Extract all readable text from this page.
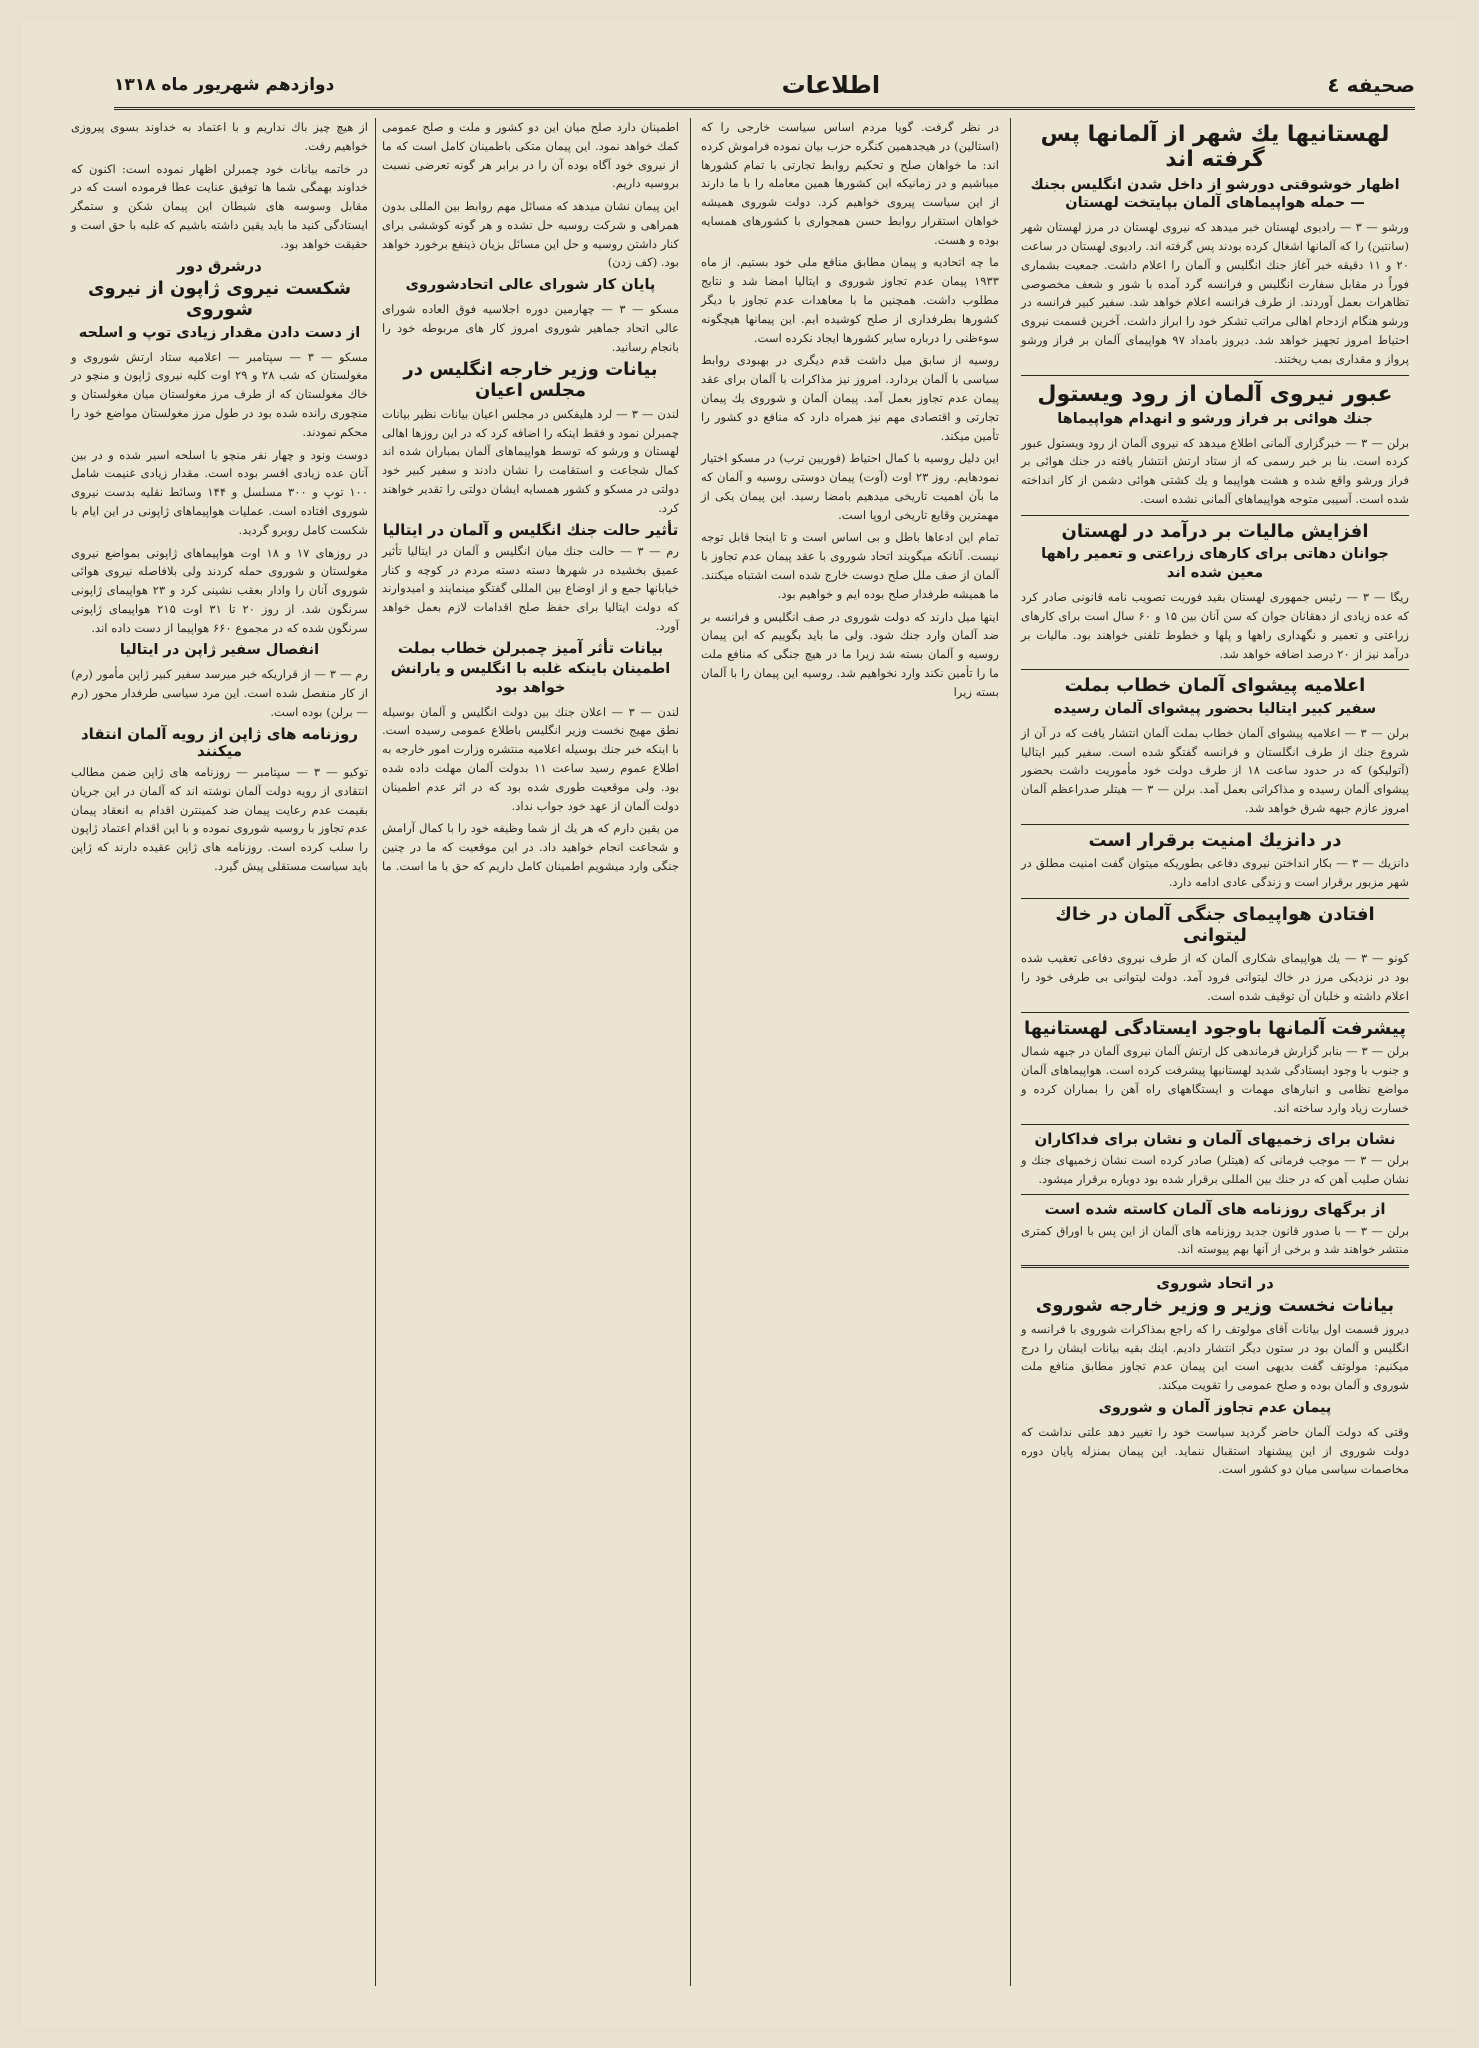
صحیفه ٤
اطلاعات
دوازدهم شهریور ماه ۱۳۱۸
لهستانیها یك شهر از آلمانها پس گرفته اند
اظهار خوشوقتی دورشو از داخل شدن انگلیس بجنك — حمله هواپیماهای آلمان بپایتخت لهستان

ورشو — ۳ — رادیوی لهستان خبر میدهد که نیروی لهستان در مرز لهستان شهر (سانتین) را که آلمانها اشغال کرده بودند پس گرفته اند. رادیوی لهستان در ساعت ۲۰ و ۱۱ دقیقه خبر آغاز جنك انگلیس و آلمان را اعلام داشت. جمعیت بشماری فوراً در مقابل سفارت انگلیس و فرانسه گرد آمده با شور و شعف مخصوصی تظاهرات بعمل آوردند. از طرف فرانسه اعلام خواهد شد. سفیر کبیر فرانسه در ورشو هنگام ازدحام اهالی مراتب تشکر خود را ابراز داشت. آخرین قسمت نیروی احتیاط امروز تجهیز خواهد شد. دیروز بامداد ۹۷ هواپیمای آلمان بر فراز ورشو پرواز و مقداری بمب ریختند.

عبور نیروی آلمان از رود ویستول
جنك هوائی بر فراز ورشو و انهدام هواپیماها

برلن — ۳ — خبرگزاری آلمانی اطلاع میدهد که نیروی آلمان از رود ویستول عبور کرده است. بنا بر خبر رسمی که از ستاد ارتش انتشار یافته در جنك هوائی بر فراز ورشو واقع شده و هشت هواپیما و یك کشتی هوائی دشمن از کار انداخته شده است. آسیبی متوجه هواپیماهای آلمانی نشده است.

افزایش مالیات بر درآمد در لهستان
جوانان دهاتی برای کارهای زراعتی و تعمیر راهها معین شده اند

ریگا — ۳ — رئیس جمهوری لهستان بقید فوریت تصویب نامه قانونی صادر کرد که عده زیادی از دهقانان جوان که سن آنان بین ۱۵ و ۶۰ سال است برای کارهای زراعتی و تعمیر و نگهداری راهها و پلها و خطوط تلفنی خواهند بود. مالیات بر درآمد نیز از ۲۰ درصد اضافه خواهد شد.

اعلامیه پیشوای آلمان خطاب بملت
سفیر کبیر ایتالیا بحضور پیشوای آلمان رسیده

برلن — ۳ — اعلامیه پیشوای آلمان خطاب بملت آلمان انتشار یافت که در آن از شروع جنك از طرف انگلستان و فرانسه گفتگو شده است. سفیر کبیر ایتالیا (آتولیکو) که در حدود ساعت ۱۸ از طرف دولت خود مأموریت داشت بحضور پیشوای آلمان رسیده و مذاکراتی بعمل آمد. برلن — ۳ — هیتلر صدراعظم آلمان امروز عازم جبهه شرق خواهد شد.

در دانزیك امنیت برقرار است

دانزیك — ۳ — بکار انداختن نیروی دفاعی بطوریکه میتوان گفت امنیت مطلق در شهر مزبور برقرار است و زندگی عادی ادامه دارد.

افتادن هواپیمای جنگی آلمان در خاك لیتوانی

کونو — ۳ — یك هواپیمای شکاری آلمان که از طرف نیروی دفاعی تعقیب شده بود در نزدیکی مرز در خاك لیتوانی فرود آمد. دولت لیتوانی بی طرفی خود را اعلام داشته و خلبان آن توقیف شده است.

پیشرفت آلمانها باوجود ایستادگی لهستانیها

برلن — ۳ — بنابر گزارش فرماندهی کل ارتش آلمان نیروی آلمان در جبهه شمال و جنوب با وجود ایستادگی شدید لهستانیها پیشرفت کرده است. هواپیماهای آلمان مواضع نظامی و انبارهای مهمات و ایستگاههای راه آهن را بمباران کرده و خسارت زیاد وارد ساخته اند.

نشان برای زخمیهای آلمان و نشان برای فداکاران

برلن — ۳ — موجب فرمانی که (هیتلر) صادر کرده است نشان زخمیهای جنك و نشان صلیب آهن که در جنك بین المللی برقرار شده بود دوباره برقرار میشود.

از برگهای روزنامه های آلمان کاسته شده است

برلن — ۳ — با صدور قانون جدید روزنامه های آلمان از این پس با اوراق کمتری منتشر خواهند شد و برخی از آنها بهم پیوسته اند.

در اتحاد شوروی
بیانات نخست وزیر و وزیر خارجه شوروی

دیروز قسمت اول بیانات آقای مولوتف را که راجع بمذاکرات شوروی با فرانسه و انگلیس و آلمان بود در ستون دیگر انتشار دادیم. اینك بقیه بیانات ایشان را درج میکنیم: مولوتف گفت بدیهی است این پیمان عدم تجاوز مطابق منافع ملت شوروی و آلمان بوده و صلح عمومی را تقویت میکند.

پیمان عدم تجاوز آلمان و شوروی

وقتی که دولت آلمان حاضر گردید سیاست خود را تغییر دهد علتی نداشت که دولت شوروی از این پیشنهاد استقبال ننماید. این پیمان بمنزله پایان دوره مخاصمات سیاسی میان دو کشور است.

در نظر گرفت. گویا مردم اساس سیاست خارجی را که (استالین) در هیجدهمین کنگره حزب بیان نموده فراموش کرده اند: ما خواهان صلح و تحکیم روابط تجارتی با تمام کشورها میباشیم و در زمانیکه این کشورها همین معامله را با ما دارند از این سیاست پیروی خواهیم کرد. دولت شوروی همیشه خواهان استقرار روابط حسن همجواری با کشورهای همسایه بوده و هست.

ما چه اتحادیه و پیمان مطابق منافع ملی خود بستیم. از ماه ۱۹۳۳ پیمان عدم تجاوز شوروی و ایتالیا امضا شد و نتایج مطلوب داشت. همچنین ما با معاهدات عدم تجاوز با دیگر کشورها بطرفداری از صلح کوشیده ایم. این پیمانها هیچگونه سوءظنی را درباره سایر کشورها ایجاد نکرده است.

روسیه از سابق میل داشت قدم دیگری در بهبودی روابط سیاسی با آلمان بردارد. امروز نیز مذاکرات با آلمان برای عقد پیمان عدم تجاوز بعمل آمد. پیمان آلمان و شوروی یك پیمان تجارتی و اقتصادی مهم نیز همراه دارد که منافع دو کشور را تأمین میکند.

این دلیل روسیه با کمال احتیاط (فوریین ترب) در مسکو اختیار نمودهایم. روز ۲۳ اوت (آوت) پیمان دوستی روسیه و آلمان که ما بآن اهمیت تاریخی میدهیم بامضا رسید. این پیمان یکی از مهمترین وقایع تاریخی اروپا است.

تمام این ادعاها باطل و بی اساس است و تا اینجا قابل توجه نیست. آنانکه میگویند اتحاد شوروی با عقد پیمان عدم تجاوز با آلمان از صف ملل صلح دوست خارج شده است اشتباه میکنند. ما همیشه طرفدار صلح بوده ایم و خواهیم بود.

اینها میل دارند که دولت شوروی در صف انگلیس و فرانسه بر ضد آلمان وارد جنك شود. ولی ما باید بگوییم که این پیمان روسیه و آلمان بسته شد زیرا ما در هیچ جنگی که منافع ملت ما را تأمین نکند وارد نخواهیم شد. روسیه این پیمان را با آلمان بسته زیرا

اطمینان دارد صلح میان این دو کشور و ملت و صلح عمومی کمك خواهد نمود. این پیمان متکی باطمینان کامل است که ما از نیروی خود آگاه بوده آن را در برابر هر گونه تعرضی نسبت بروسیه داریم.

این پیمان نشان میدهد که مسائل مهم روابط بین المللی بدون همراهی و شرکت روسیه حل نشده و هر گونه کوششی برای کنار داشتن روسیه و حل این مسائل بزیان ذینفع برخورد خواهد بود. (کف زدن)

پایان کار شورای عالی اتحادشوروی

مسکو — ۳ — چهارمین دوره اجلاسیه فوق العاده شورای عالی اتحاد جماهیر شوروی امروز کار های مربوطه خود را بانجام رسانید.

بیانات وزیر خارجه انگلیس در مجلس اعیان

لندن — ۳ — لرد هلیفکس در مجلس اعیان بیانات نظیر بیانات چمبرلن نمود و فقط اینکه را اضافه کرد که در این روزها اهالی لهستان و ورشو که توسط هواپیماهای آلمان بمباران شده اند کمال شجاعت و استقامت را نشان دادند و سفیر کبیر خود دولتی در مسکو و کشور همسایه ایشان دولتی را تقدیر خواهند کرد.

تأثیر حالت جنك انگلیس و آلمان در ایتالیا

رم — ۳ — حالت جنك میان انگلیس و آلمان در ایتالیا تأثیر عمیق بخشیده در شهرها دسته دسته مردم در کوچه و کنار خیابانها جمع و از اوضاع بین المللی گفتگو مینمایند و امیدوارند که دولت ایتالیا برای حفظ صلح اقدامات لازم بعمل خواهد آورد.

بیانات تأثر آمیز چمبرلن خطاب بملت
اطمینان باینکه غلبه با انگلیس و یارانش خواهد بود

لندن — ۳ — اعلان جنك بین دولت انگلیس و آلمان بوسیله نطق مهیج نخست وزیر انگلیس باطلاع عمومی رسیده است. با اینکه خبر جنك بوسیله اعلامیه منتشره وزارت امور خارجه به اطلاع عموم رسید ساعت ۱۱ بدولت آلمان مهلت داده شده بود. ولی موقعیت طوری شده بود که در اثر عدم اطمینان دولت آلمان از عهد خود جواب نداد.

من یقین دارم که هر یك از شما وظیفه خود را با کمال آرامش و شجاعت انجام خواهید داد. در این موقعیت که ما در چنین جنگی وارد میشویم اطمینان کامل داریم که حق با ما است. ما از هیچ چیز باك نداریم و با اعتماد به خداوند بسوی پیروزی خواهیم رفت.

در خاتمه بیانات خود چمبرلن اظهار نموده است: اکنون که خداوند بهمگی شما ها توفیق عنایت عطا فرموده است که در مقابل وسوسه های شیطان این پیمان شکن و ستمگر ایستادگی کنید ما باید یقین داشته باشیم که غلبه با حق است و حقیقت خواهد بود.

درشرق دور
شکست نیروی ژاپون از نیروی شوروی
از دست دادن مقدار زیادی توپ و اسلحه

مسکو — ۳ — سپتامبر — اعلامیه ستاد ارتش شوروی و مغولستان که شب ۲۸ و ۲۹ اوت کلیه نیروی ژاپون و منچو در خاك مغولستان که از طرف مرز مغولستان میان مغولستان و منچوری رانده شده بود در طول مرز مغولستان مواضع خود را محکم نمودند.

دوست ونود و چهار نفر منچو با اسلحه اسیر شده و در بین آنان عده زیادی افسر بوده است. مقدار زیادی غنیمت شامل ۱۰۰ توپ و ۳۰۰ مسلسل و ۱۴۴ وسائط نقلیه بدست نیروی شوروی افتاده است. عملیات هواپیماهای ژاپونی در این ایام با شکست کامل روبرو گردید.

در روزهای ۱۷ و ۱۸ اوت هواپیماهای ژاپونی بمواضع نیروی مغولستان و شوروی حمله کردند ولی بلافاصله نیروی هوائی شوروی آنان را وادار بعقب نشینی کرد و ۲۳ هواپیمای ژاپونی سرنگون شد. از روز ۲۰ تا ۳۱ اوت ۲۱۵ هواپیمای ژاپونی سرنگون شده که در مجموع ۶۶۰ هواپیما از دست داده اند.

انفصال سفیر ژاپن در ایتالیا

رم — ۳ — از قراریکه خبر میرسد سفیر کبیر ژاپن مأمور (رم) از کار منفصل شده است. این مرد سیاسی طرفدار محور (رم — برلن) بوده است.

روزنامه های ژاپن از رویه آلمان انتقاد میکنند

توکیو — ۳ — سپتامبر — روزنامه های ژاپن ضمن مطالب انتقادی از رویه دولت آلمان نوشته اند که آلمان در این جریان بقیمت عدم رعایت پیمان ضد کمینترن اقدام به انعقاد پیمان عدم تجاوز با روسیه شوروی نموده و با این اقدام اعتماد ژاپون را سلب کرده است. روزنامه های ژاپن عقیده دارند که ژاپن باید سیاست مستقلی پیش گیرد.
